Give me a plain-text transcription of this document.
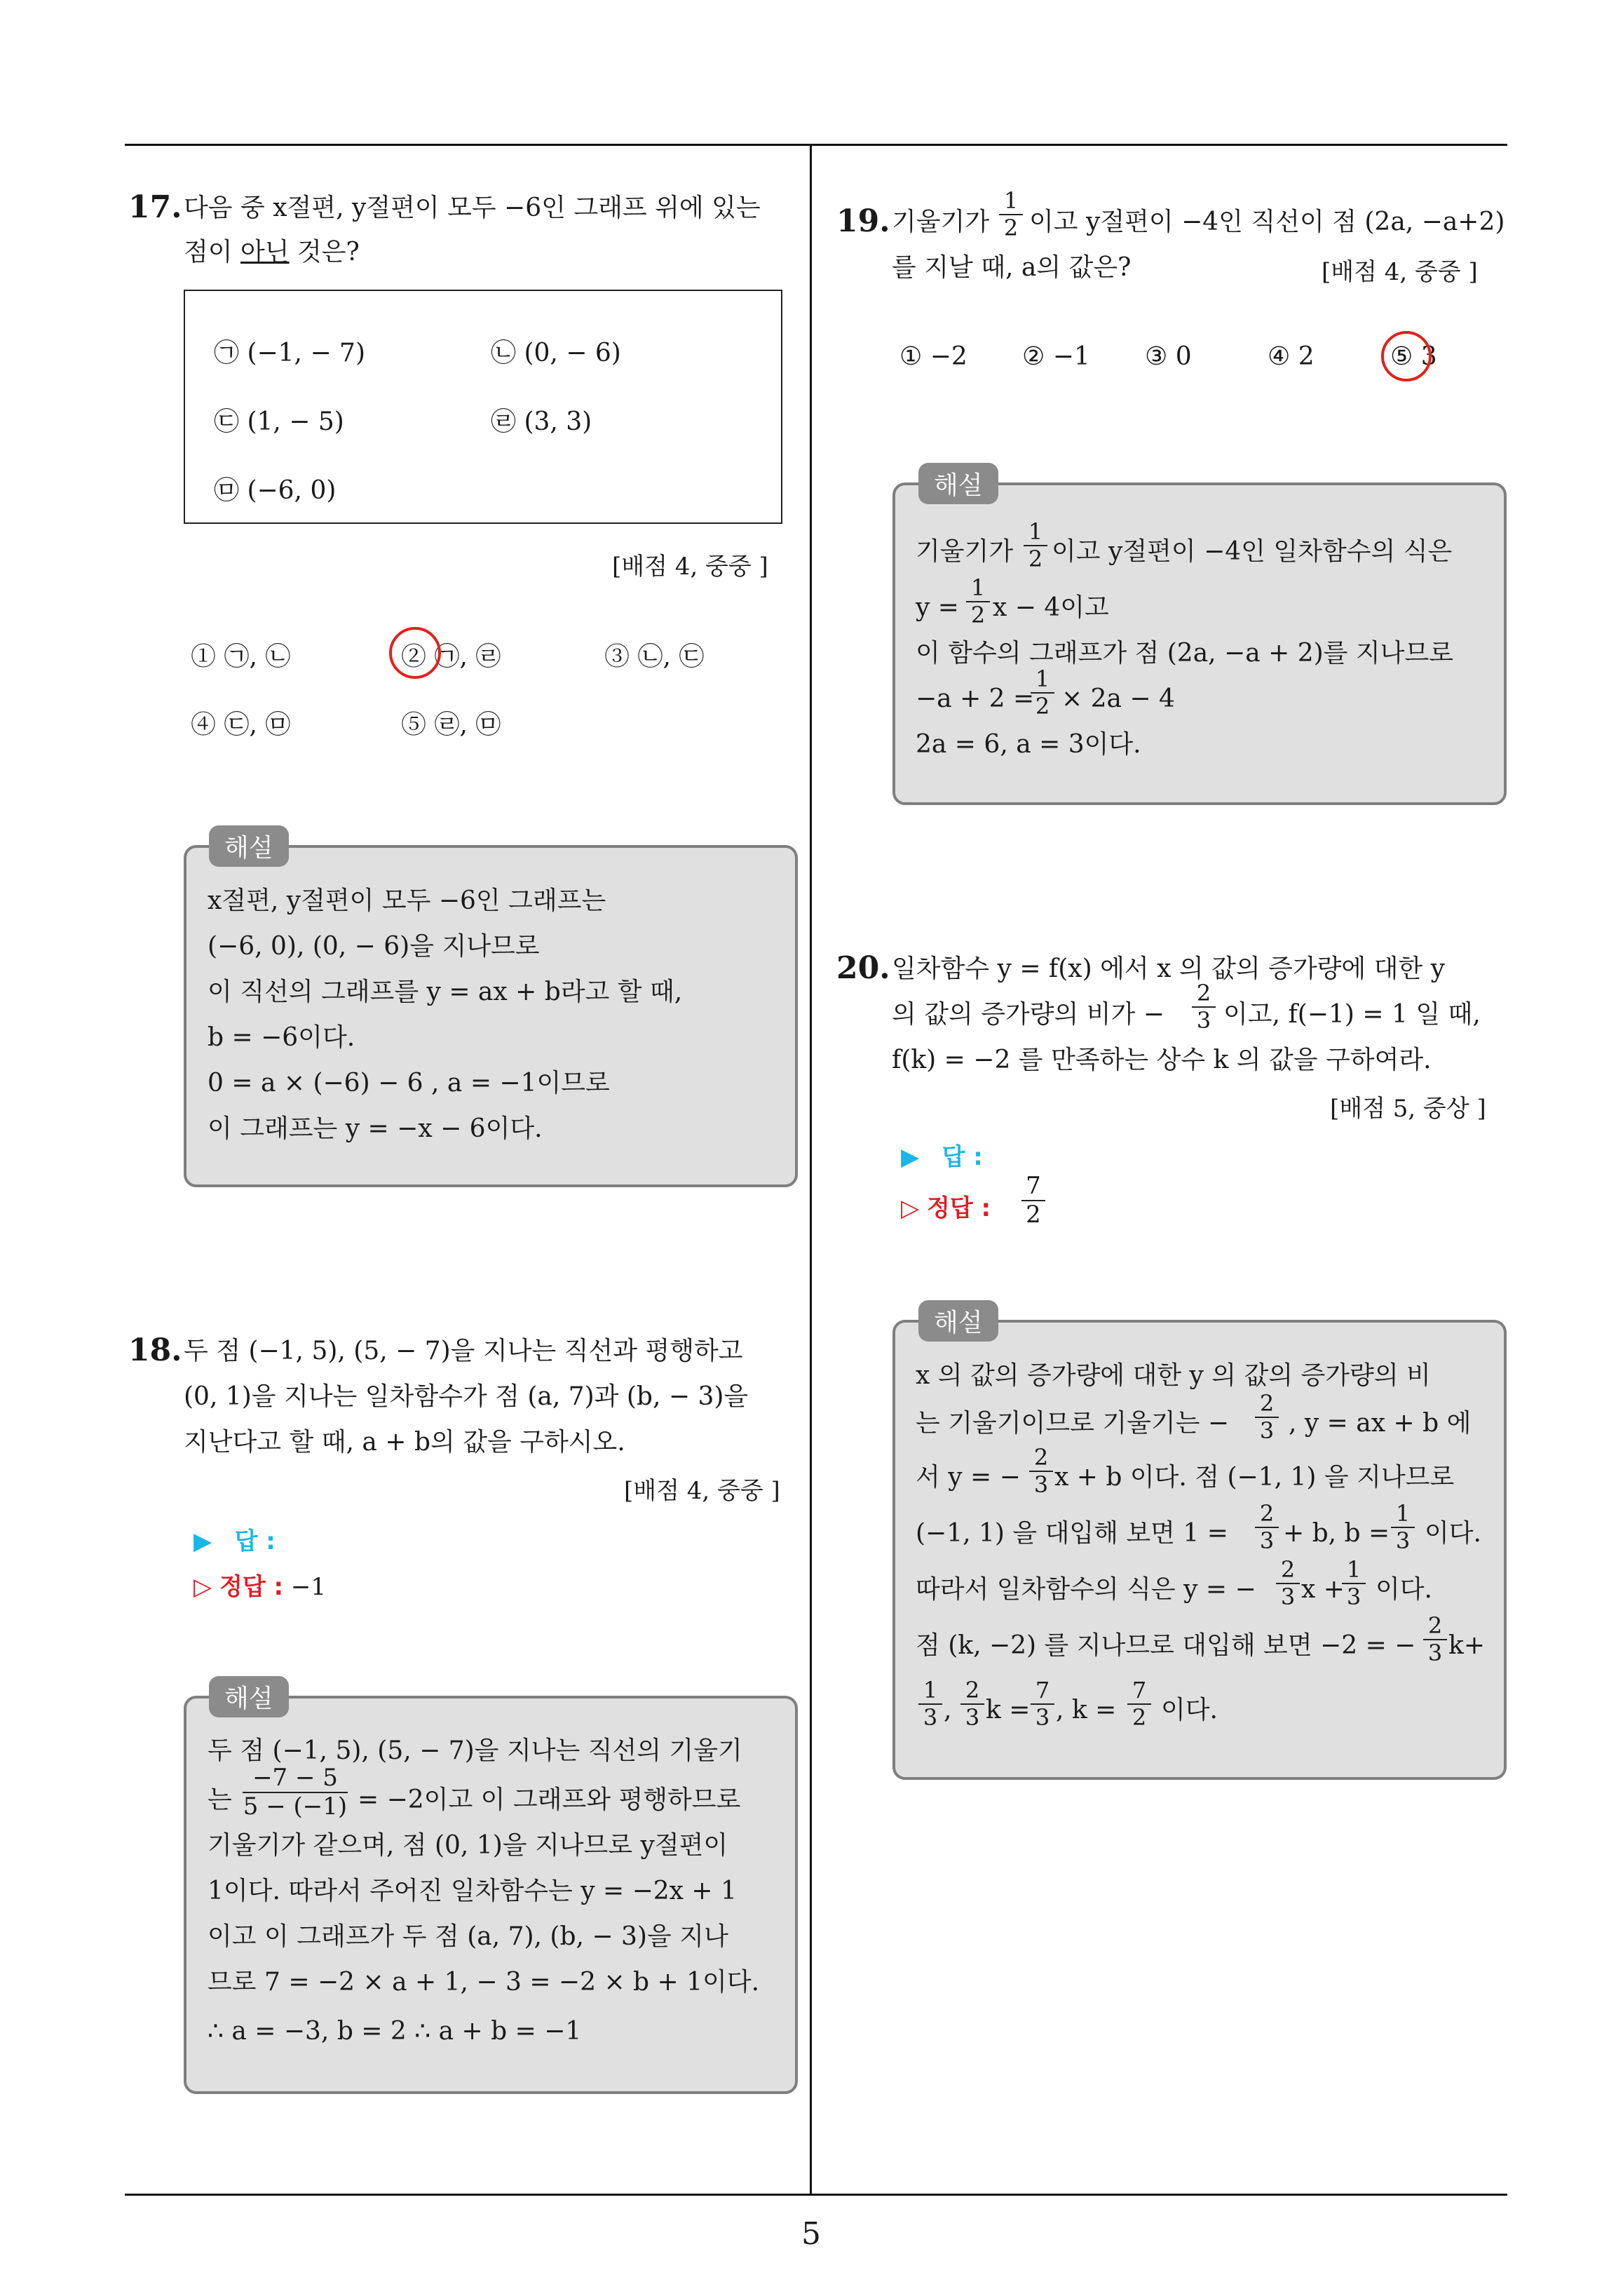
5
17. 다음 중 x절편, y절편이 모두 −6인 그래프 위에 있는
점이 아닌 것은?
㉠ (−1, − 7)	㉡ (0, − 6)
㉢ (1, − 5)	㉣ (3, 3)
㉤ (−6, 0)
[배점 4, 중중 ]
① ㉠, ㉡	② ㉠, ㉣	③ ㉡, ㉢
④ ㉢, ㉤	⑤ ㉣, ㉤
해설
x절편, y절편이 모두 −6인 그래프는
(−6, 0), (0, − 6)을 지나므로
이 직선의 그래프를 y = ax + b라고 할 때,
b = −6이다.
0 = a × (−6) − 6 , a = −1이므로
이 그래프는 y = −x − 6이다.
18. 두 점 (−1, 5), (5, − 7)을 지나는 직선과 평행하고
(0, 1)을 지나는 일차함수가 점 (a, 7)과 (b, − 3)을
지난다고 할 때, a + b의 값을 구하시오.
[배점 4, 중중 ]
▶ 답 :
▷ 정답 : −1
해설
두 점 (−1, 5), (5, − 7)을 지나는 직선의 기울기
는
−7 − 5
5 − (−1) = −2이고 이 그래프와 평행하므로
기울기가 같으며, 점 (0, 1)을 지나므로 y절편이
1이다. 따라서 주어진 일차함수는 y = −2x + 1
이고 이 그래프가 두 점 (a, 7), (b, − 3)을 지나
므로 7 = −2 × a + 1, − 3 = −2 × b + 1이다.
∴ a = −3, b = 2 ∴ a + b = −1
19. 기울기가
1
2 이고 y절편이 −4인 직선이 점 (2a, −a+2)
를 지날 때, a의 값은?	[배점 4, 중중 ]
① −2 ② −1 ③ 0	④ 2	⑤ 3
해설
기울기가
1
2 이고 y절편이 −4인 일차함수의 식은
y =
1
2 x − 4이고
이 함수의 그래프가 점 (2a, −a + 2)를 지나므로
−a + 2 =
1
2 × 2a − 4
2a = 6, a = 3이다.
20. 일차함수 y = f(x) 에서 x 의 값의 증가량에 대한 y
의 값의 증가량의 비가 −
2
3 이고, f(−1) = 1 일 때,
f(k) = −2 를 만족하는 상수 k 의 값을 구하여라.
[배점 5, 중상 ]
▶ 답 :
▷ 정답 :
7
2
해설
x 의 값의 증가량에 대한 y 의 값의 증가량의 비
는 기울기이므로 기울기는 −
2
3 , y = ax + b 에
서 y = −
2
3 x + b 이다. 점 (−1, 1) 을 지나므로
(−1, 1) 을 대입해 보면 1 =
2
3 + b, b =
1
3 이다.
따라서 일차함수의 식은 y = −
2
3 x +
1
3 이다.
점 (k, −2) 를 지나므로 대입해 보면 −2 = −
2
3 k+
1
3 ,
2
3 k =
7
3 , k =
7
2 이다.
